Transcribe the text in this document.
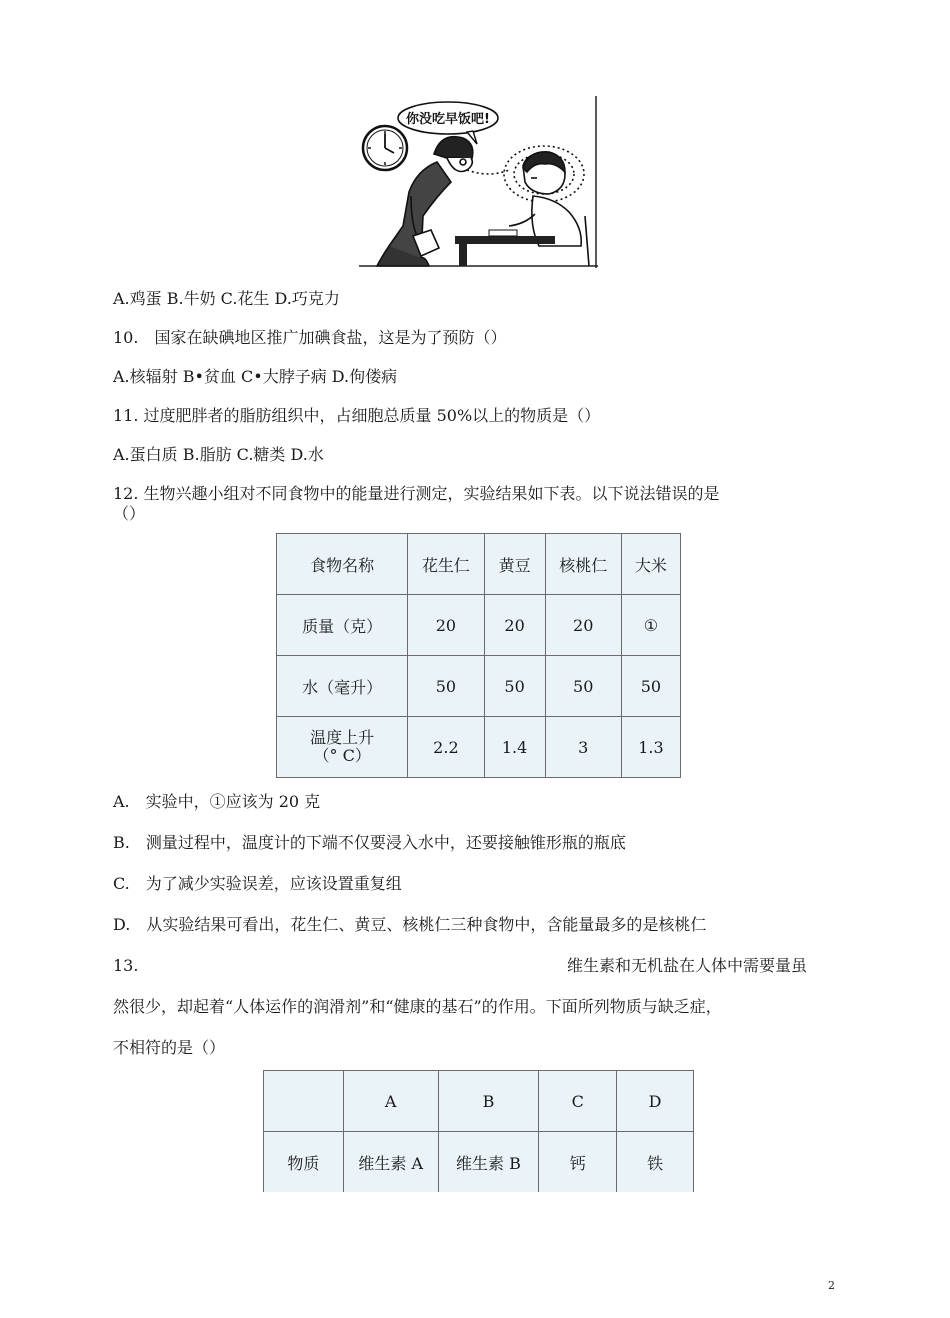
你没吃早饭吧!
A.鸡蛋 B.牛奶 C.花生 D.巧克力
10.　国家在缺碘地区推广加碘食盐，这是为了预防（）
A.核辐射 B•贫血 C•大脖子病 D.佝偻病
11. 过度肥胖者的脂肪组织中，占细胞总质量 50%以上的物质是（）
A.蛋白质 B.脂肪 C.糖类 D.水
12. 生物兴趣小组对不同食物中的能量进行测定，实验结果如下表。以下说法错误的是
（）
食物名称	花生仁	黄豆	核桃仁	大米
质量（克）	20	20	20	①
水（毫升）	50	50	50	50

温度上升
（° C）	2.2	1.4	3	1.3
A.　实验中，①应该为 20 克
B.　测量过程中，温度计的下端不仅要浸入水中，还要接触锥形瓶的瓶底
C.　为了减少实验误差，应该设置重复组
D.　从实验结果可看出，花生仁、黄豆、核桃仁三种食物中，含能量最多的是核桃仁
13.	维生素和无机盐在人体中需要量虽
然很少，却起着“人体运作的润滑剂”和“健康的基石”的作用。下面所列物质与缺乏症，
不相符的是（）
	A	B	C	D
物质	维生素 A	维生素 B	钙	铁
2
